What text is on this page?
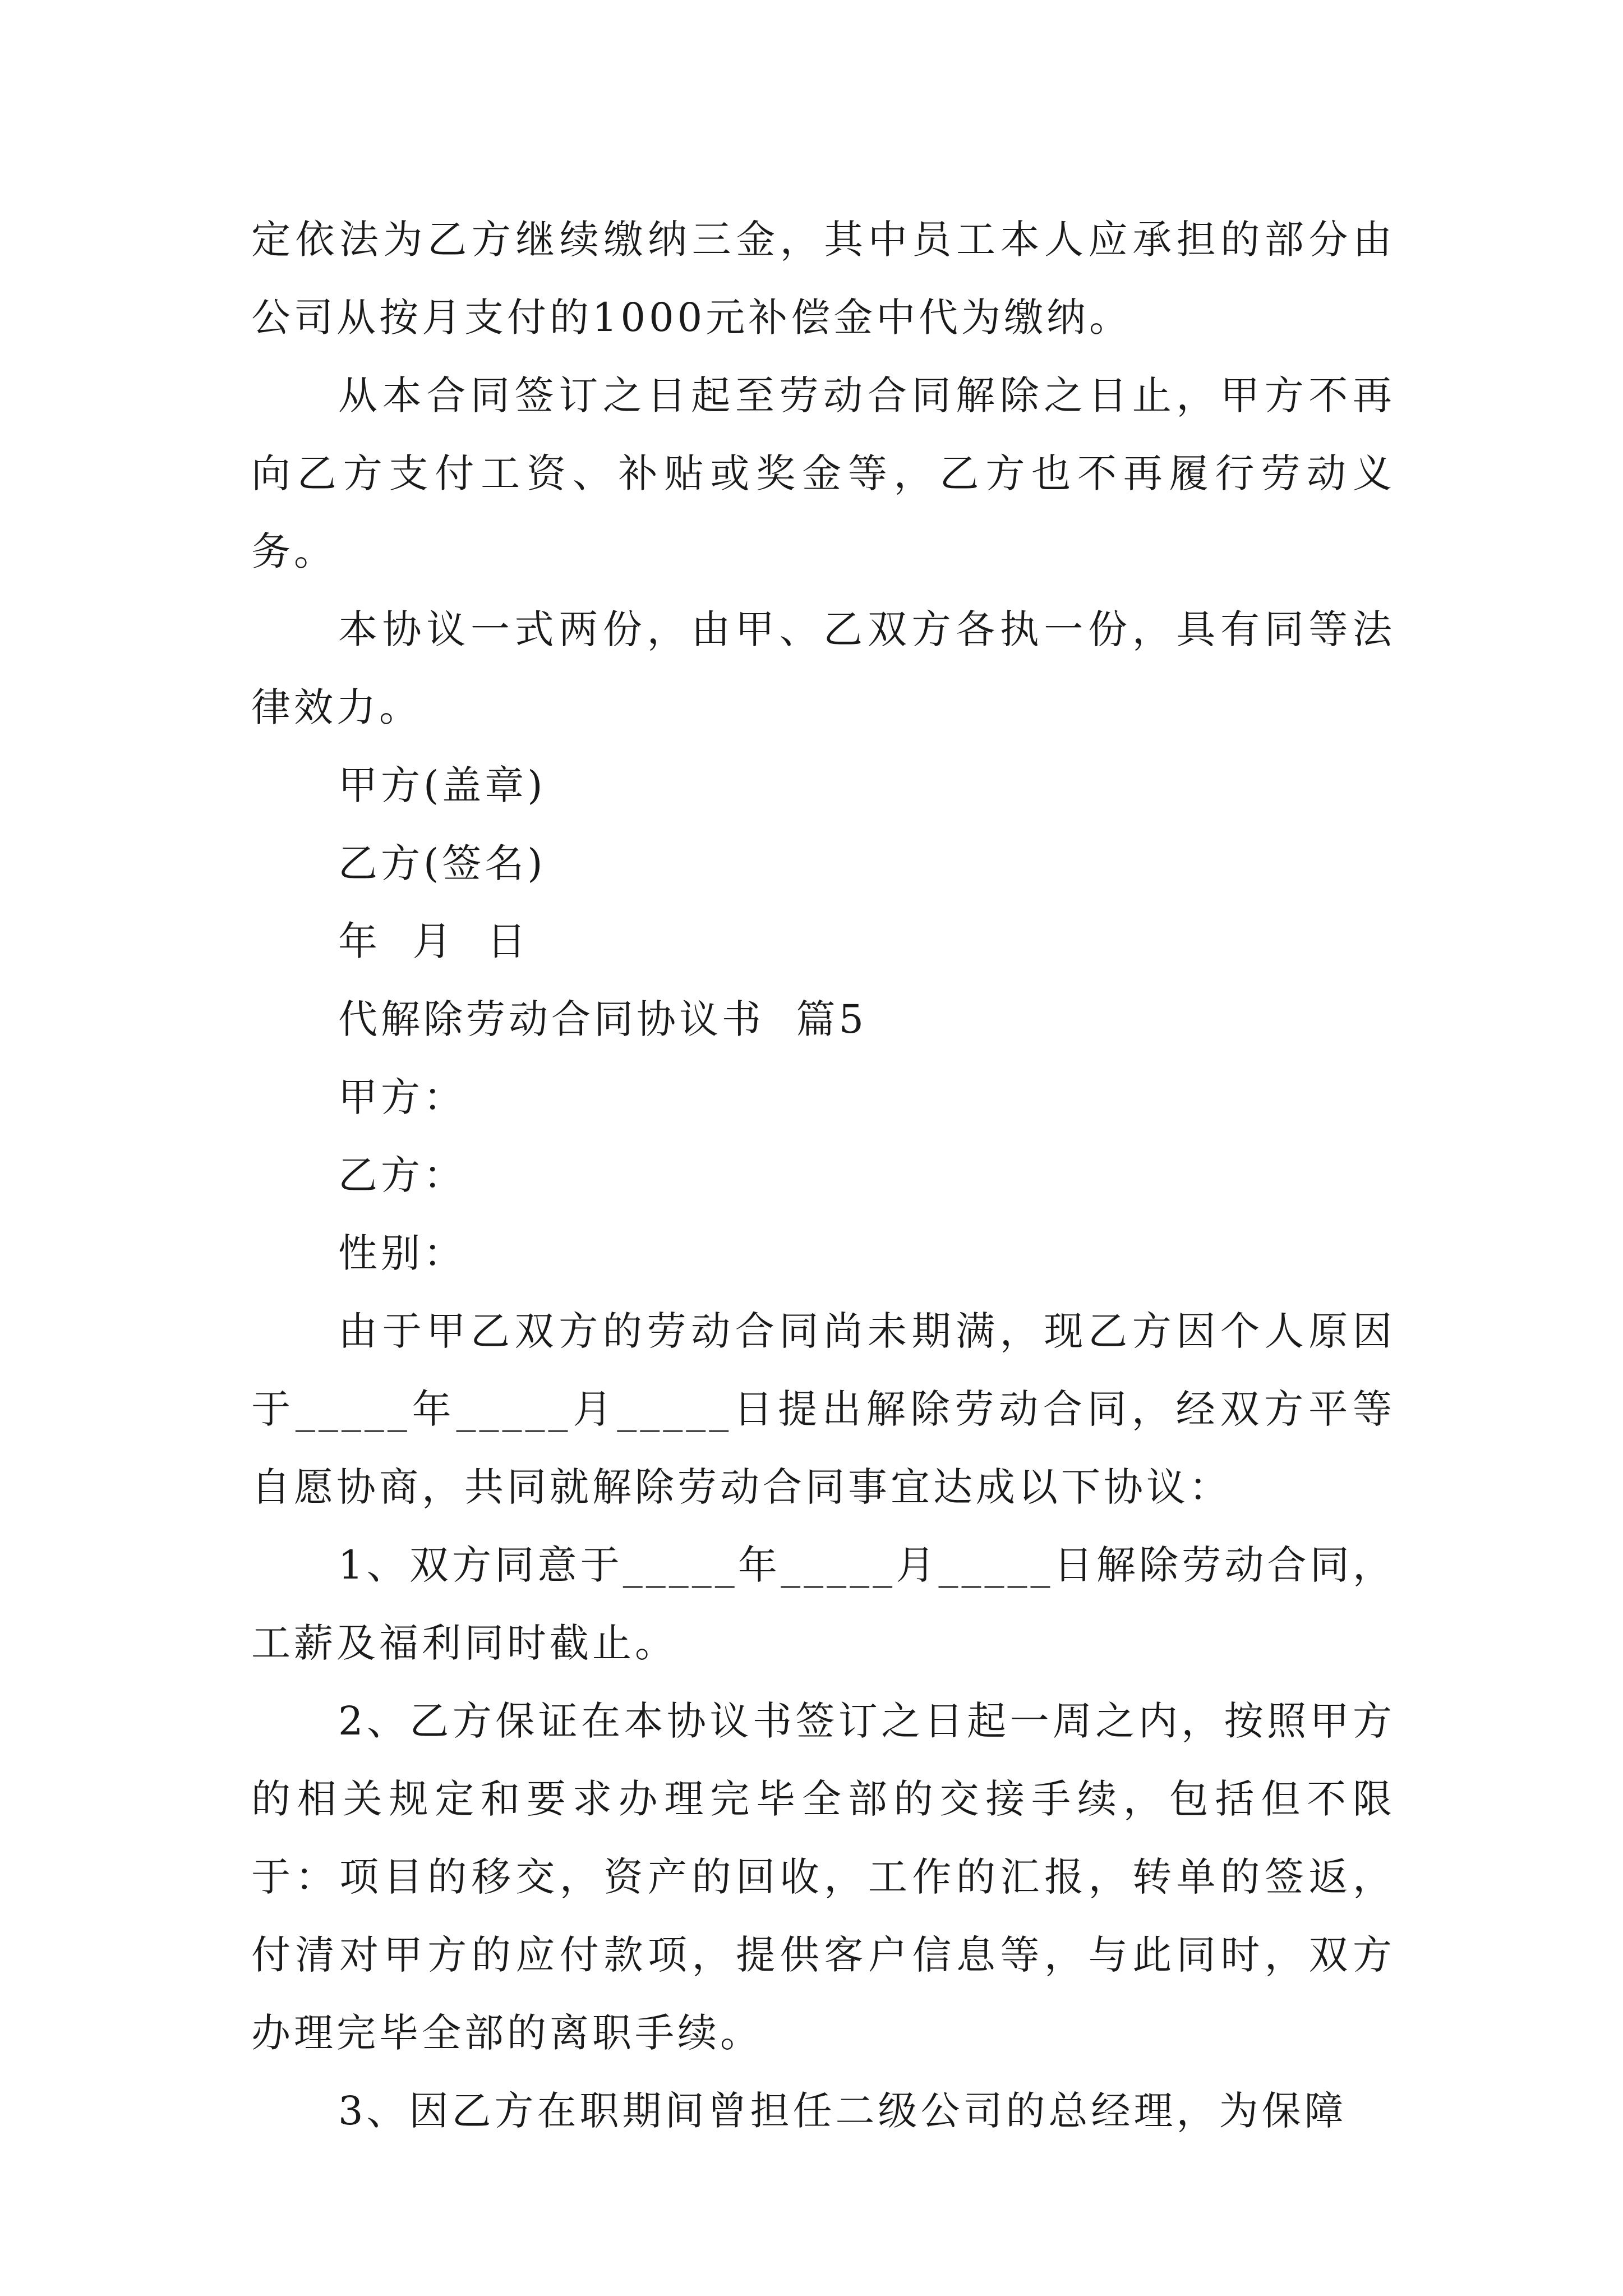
定依法为乙方继续缴纳三金，其中员工本人应承担的部分由公司从按月支付的1000元补偿金中代为缴纳。

从本合同签订之日起至劳动合同解除之日止，甲方不再向乙方支付工资、补贴或奖金等，乙方也不再履行劳动义务。

本协议一式两份，由甲、乙双方各执一份，具有同等法律效力。

甲方(盖章)

乙方(签名)

年  月  日

代解除劳动合同协议书  篇5

甲方：

乙方：

性别：

由于甲乙双方的劳动合同尚未期满，现乙方因个人原因于_____年_____月_____日提出解除劳动合同，经双方平等自愿协商，共同就解除劳动合同事宜达成以下协议：

1、双方同意于_____年_____月_____日解除劳动合同，工薪及福利同时截止。

2、乙方保证在本协议书签订之日起一周之内，按照甲方的相关规定和要求办理完毕全部的交接手续，包括但不限于：项目的移交，资产的回收，工作的汇报，转单的签返，付清对甲方的应付款项，提供客户信息等，与此同时，双方办理完毕全部的离职手续。

3、因乙方在职期间曾担任二级公司的总经理，为保障
